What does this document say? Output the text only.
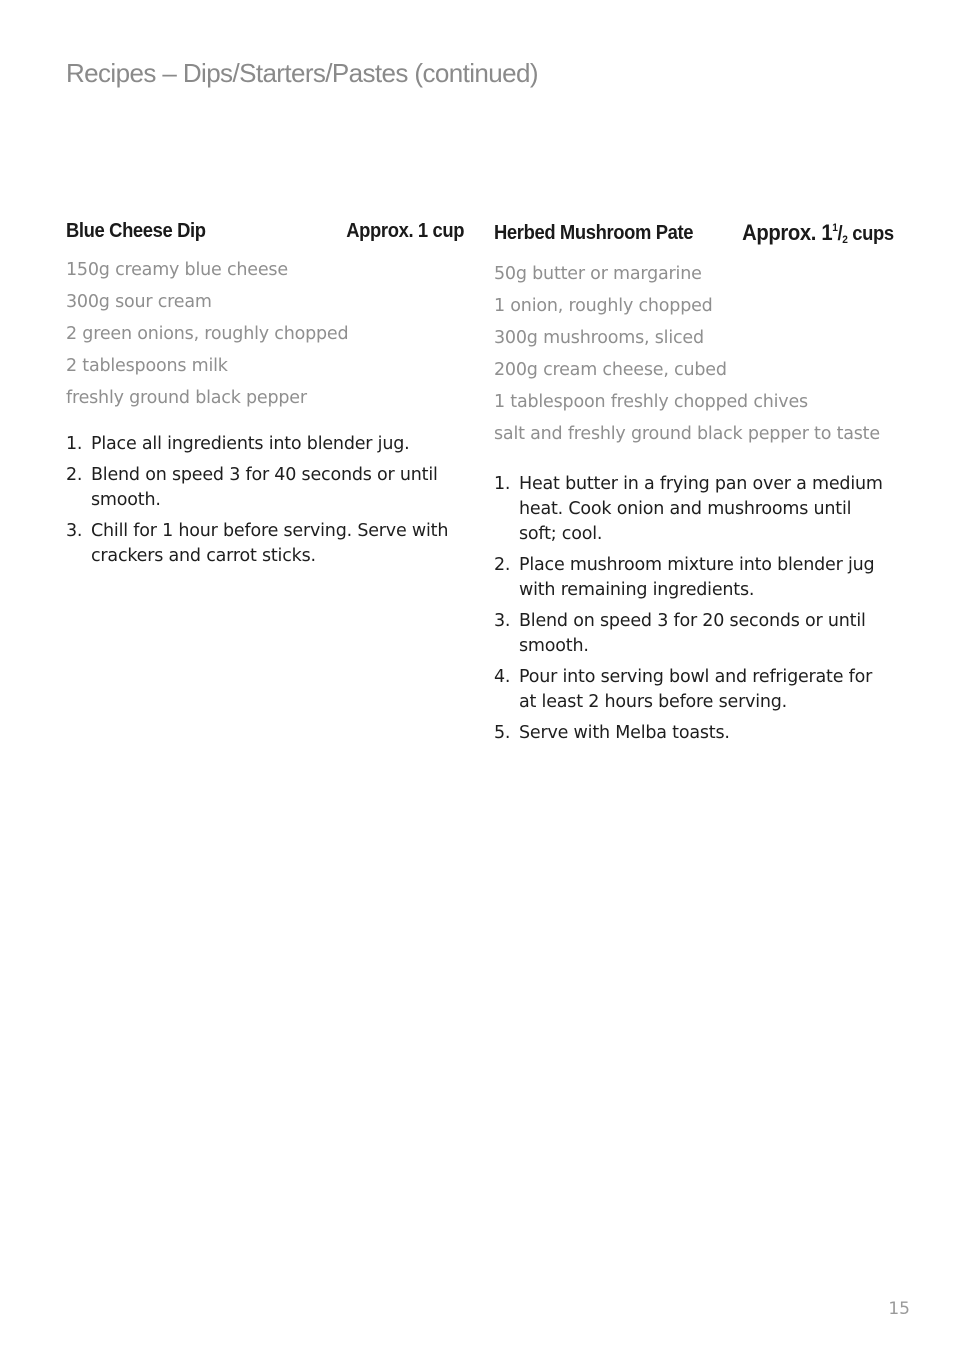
Recipes – Dips/Starters/Pastes (continued)
Blue Cheese Dip	Approx. 1 cup
150g creamy blue cheese
300g sour cream
2 green onions, roughly chopped
2 tablespoons milk
freshly ground black pepper
1. Place all ingredients into blender jug.
2. Blend on speed 3 for 40 seconds or until smooth.
3. Chill for 1 hour before serving. Serve with crackers and carrot sticks.
Herbed Mushroom Pate Approx. $1^1/_2$ cups
50g butter or margarine
1 onion, roughly chopped
300g mushrooms, sliced
200g cream cheese, cubed
1 tablespoon freshly chopped chives
salt and freshly ground black pepper to taste
1. Heat butter in a frying pan over a medium heat. Cook onion and mushrooms until soft; cool.
2. Place mushroom mixture into blender jug with remaining ingredients.
3. Blend on speed 3 for 20 seconds or until smooth.
4. Pour into serving bowl and refrigerate for at least 2 hours before serving.
5. Serve with Melba toasts.
15
